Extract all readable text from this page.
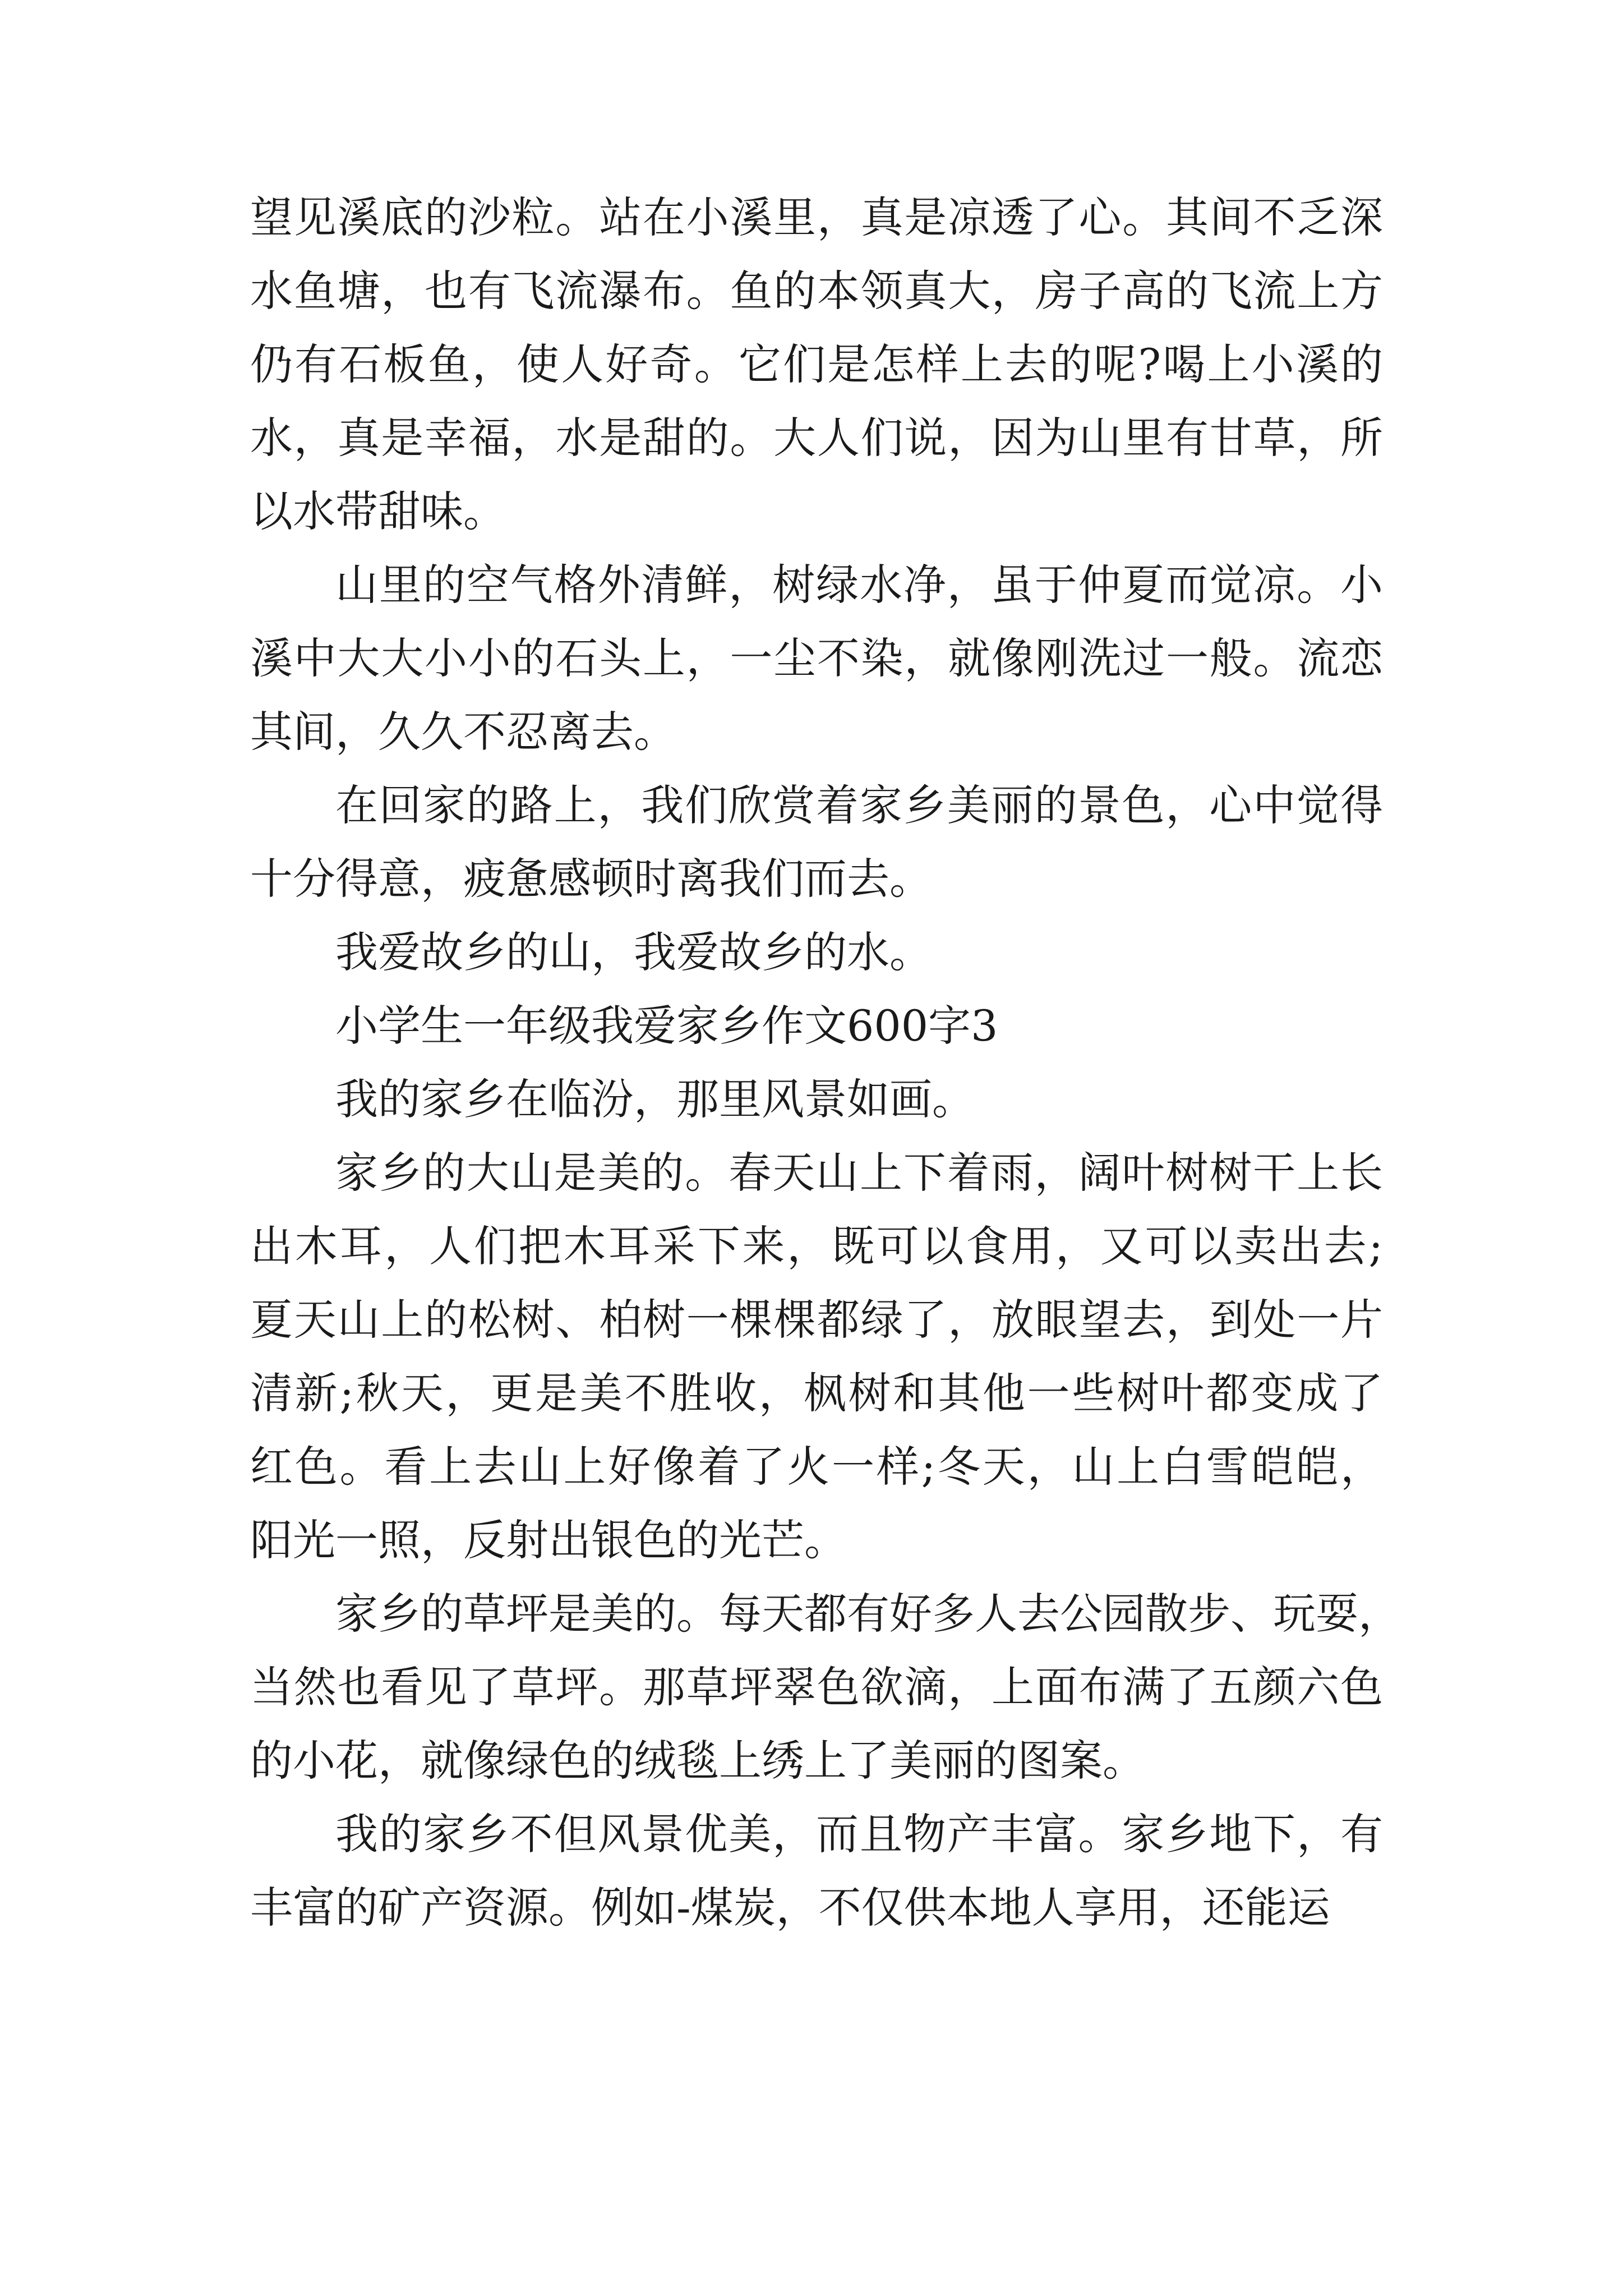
望见溪底的沙粒。站在小溪里，真是凉透了心。其间不乏深
水鱼塘，也有飞流瀑布。鱼的本领真大，房子高的飞流上方
仍有石板鱼，使人好奇。它们是怎样上去的呢?喝上小溪的
水，真是幸福，水是甜的。大人们说，因为山里有甘草，所
以水带甜味。
山里的空气格外清鲜，树绿水净，虽于仲夏而觉凉。小
溪中大大小小的石头上，一尘不染，就像刚洗过一般。流恋
其间，久久不忍离去。
在回家的路上，我们欣赏着家乡美丽的景色，心中觉得
十分得意，疲惫感顿时离我们而去。
我爱故乡的山，我爱故乡的水。
小学生一年级我爱家乡作文600字3
我的家乡在临汾，那里风景如画。
家乡的大山是美的。春天山上下着雨，阔叶树树干上长
出木耳，人们把木耳采下来，既可以食用，又可以卖出去;
夏天山上的松树、柏树一棵棵都绿了，放眼望去，到处一片
清新;秋天，更是美不胜收，枫树和其他一些树叶都变成了
红色。看上去山上好像着了火一样;冬天，山上白雪皑皑，
阳光一照，反射出银色的光芒。
家乡的草坪是美的。每天都有好多人去公园散步、玩耍，
当然也看见了草坪。那草坪翠色欲滴，上面布满了五颜六色
的小花，就像绿色的绒毯上绣上了美丽的图案。
我的家乡不但风景优美，而且物产丰富。家乡地下，有
丰富的矿产资源。例如-煤炭，不仅供本地人享用，还能运
